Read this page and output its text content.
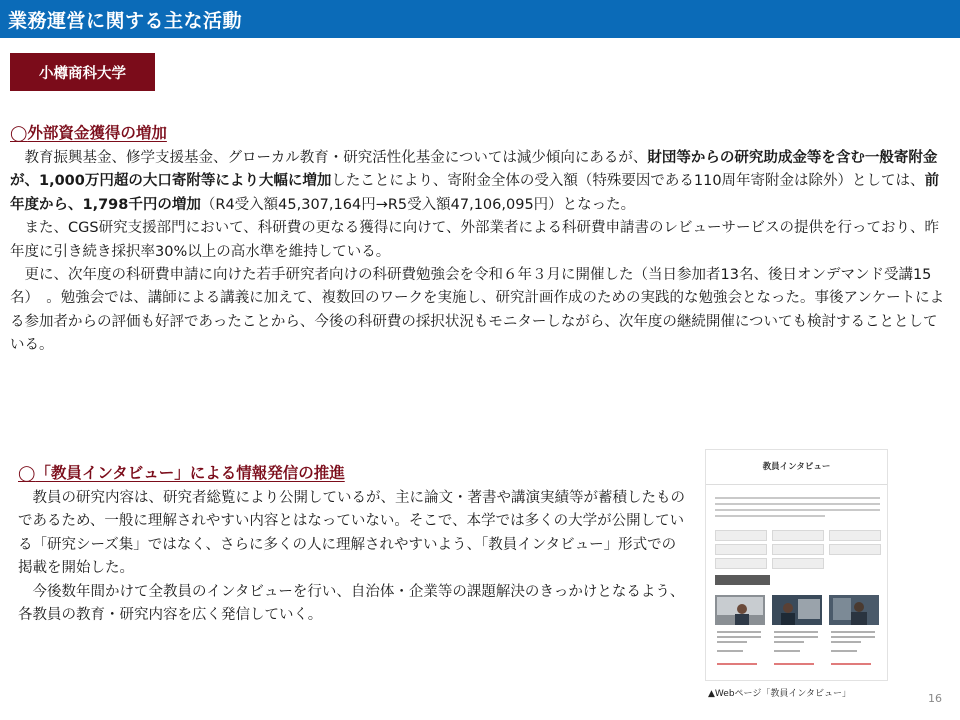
業務運営に関する主な活動
小樽商科大学
◯外部資金獲得の増加

教育振興基金、修学支援基金、グローカル教育・研究活性化基金については減少傾向にあるが、財団等からの研究助成金等を含む一般寄附金が、1,000万円超の大口寄附等により大幅に増加したことにより、寄附金全体の受入額（特殊要因である110周年寄附金は除外）としては、前年度から、1,798千円の増加（R4受入額45,307,164円→R5受入額47,106,095円）となった。

また、CGS研究支援部門において、科研費の更なる獲得に向けて、外部業者による科研費申請書のレビューサービスの提供を行っており、昨年度に引き続き採択率30%以上の高水準を維持している。

更に、次年度の科研費申請に向けた若手研究者向けの科研費勉強会を令和６年３月に開催した（当日参加者13名、後日オンデマンド受講15名）　。勉強会では、講師による講義に加えて、複数回のワークを実施し、研究計画作成のための実践的な勉強会となった。事後アンケートによる参加者からの評価も好評であったことから、今後の科研費の採択状況もモニターしながら、次年度の継続開催についても検討することとしている。

◯「教員インタビュー」による情報発信の推進

教員の研究内容は、研究者総覧により公開しているが、主に論文・著書や講演実績等が蓄積したものであるため、一般に理解されやすい内容とはなっていない。そこで、本学では多くの大学が公開している「研究シーズ集」ではなく、さらに多くの人に理解されやすいよう、「教員インタビュー」形式での掲載を開始した。

今後数年間かけて全教員のインタビューを行い、自治体・企業等の課題解決のきっかけとなるよう、各教員の教育・研究内容を広く発信していく。

教員インタビュー
▲Webページ「教員インタビュー」	16
